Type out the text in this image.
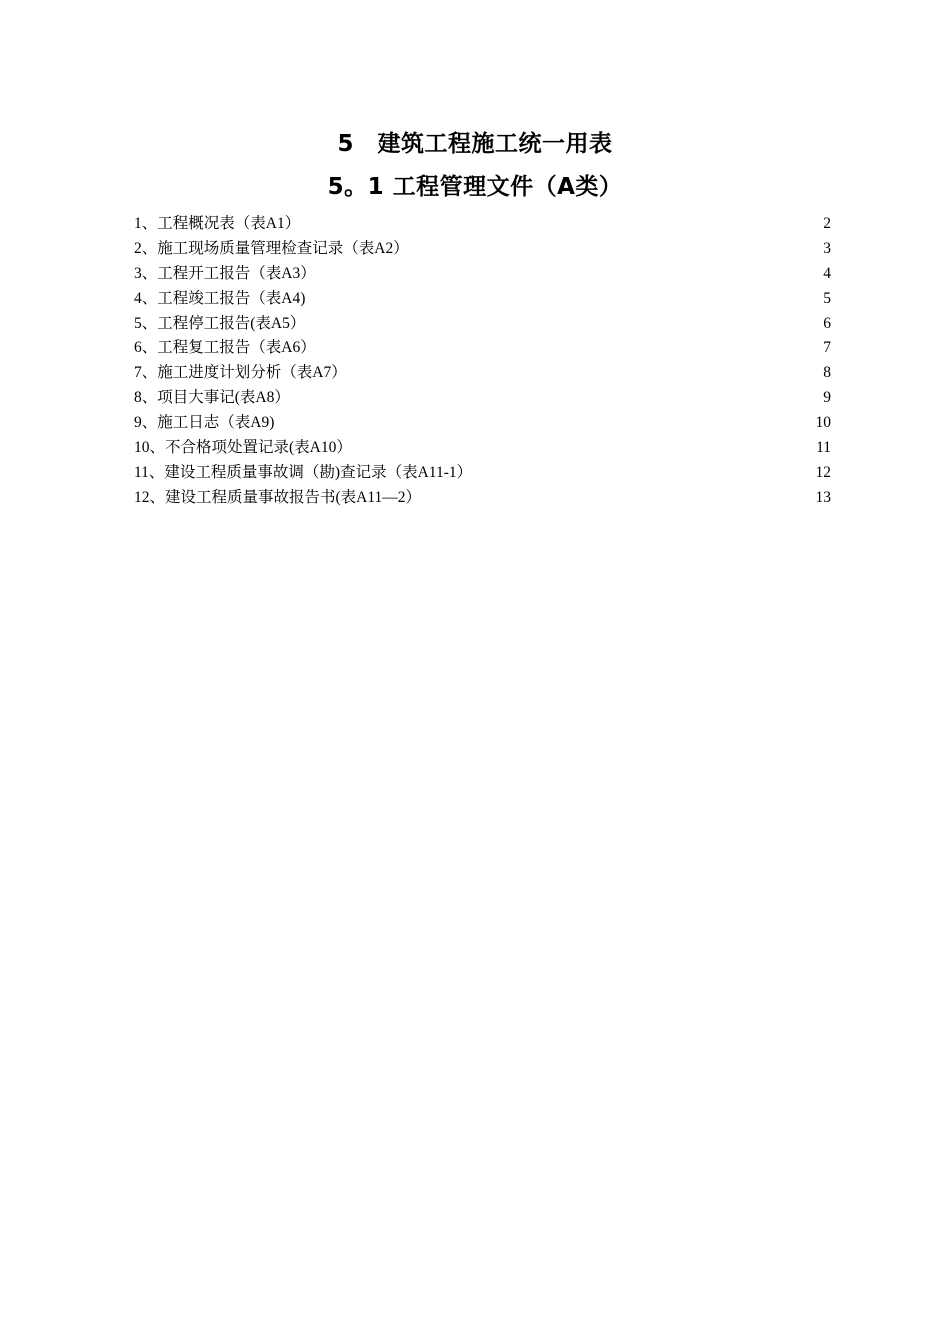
5　建筑工程施工统一用表
5。1 工程管理文件（A类）
1、工程概况表（表A1）	2
2、施工现场质量管理检查记录（表A2）	3
3、工程开工报告（表A3）	4
4、工程竣工报告（表A4)	5
5、工程停工报告(表A5）	6
6、工程复工报告（表A6）	7
7、施工进度计划分析（表A7）	8
8、项目大事记(表A8）	9
9、施工日志（表A9)	10
10、不合格项处置记录(表A10）	11
11、建设工程质量事故调（勘)查记录（表A11-1）	12
12、建设工程质量事故报告书(表A11—2）	13
